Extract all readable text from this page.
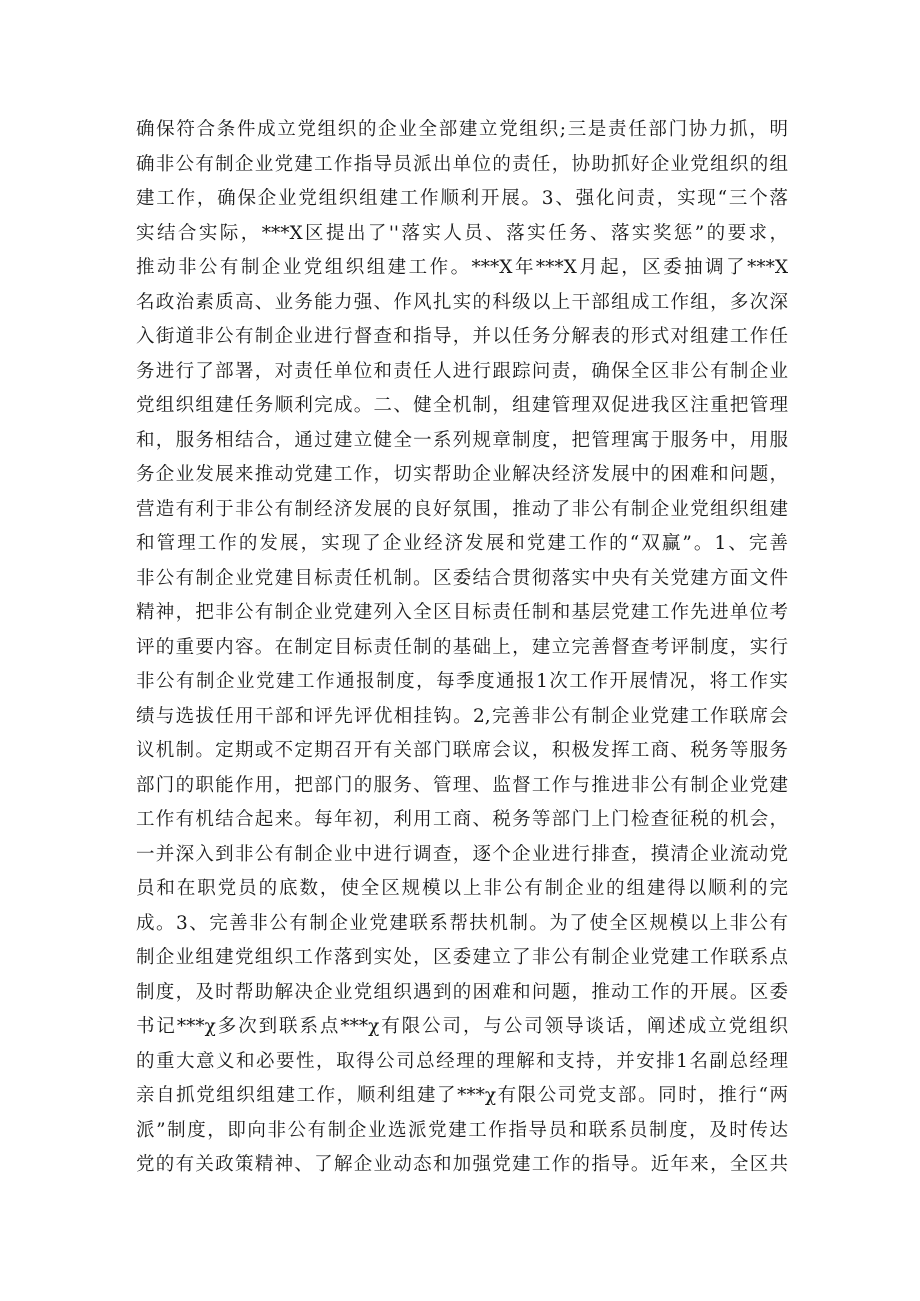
确保符合条件成立党组织的企业全部建立党组织;三是责任部门协力抓，明
确非公有制企业党建工作指导员派出单位的责任，协助抓好企业党组织的组
建工作，确保企业党组织组建工作顺利开展。3、强化问责，实现“三个落
实结合实际，***X区提出了''落实人员、落实任务、落实奖惩”的要求，
推动非公有制企业党组织组建工作。***X年***X月起，区委抽调了***X
名政治素质高、业务能力强、作风扎实的科级以上干部组成工作组，多次深
入街道非公有制企业进行督查和指导，并以任务分解表的形式对组建工作任
务进行了部署，对责任单位和责任人进行跟踪问责，确保全区非公有制企业
党组织组建任务顺利完成。二、健全机制，组建管理双促进我区注重把管理
和，服务相结合，通过建立健全一系列规章制度，把管理寓于服务中，用服
务企业发展来推动党建工作，切实帮助企业解决经济发展中的困难和问题，
营造有利于非公有制经济发展的良好氛围，推动了非公有制企业党组织组建
和管理工作的发展，实现了企业经济发展和党建工作的“双赢”。1、完善
非公有制企业党建目标责任机制。区委结合贯彻落实中央有关党建方面文件
精神，把非公有制企业党建列入全区目标责任制和基层党建工作先进单位考
评的重要内容。在制定目标责任制的基础上，建立完善督查考评制度，实行
非公有制企业党建工作通报制度，每季度通报1次工作开展情况，将工作实
绩与选拔任用干部和评先评优相挂钩。2,完善非公有制企业党建工作联席会
议机制。定期或不定期召开有关部门联席会议，积极发挥工商、税务等服务
部门的职能作用，把部门的服务、管理、监督工作与推进非公有制企业党建
工作有机结合起来。每年初，利用工商、税务等部门上门检查征税的机会，
一并深入到非公有制企业中进行调查，逐个企业进行排查，摸清企业流动党
员和在职党员的底数，使全区规模以上非公有制企业的组建得以顺利的完
成。3、完善非公有制企业党建联系帮扶机制。为了使全区规模以上非公有
制企业组建党组织工作落到实处，区委建立了非公有制企业党建工作联系点
制度，及时帮助解决企业党组织遇到的困难和问题，推动工作的开展。区委
书记***χ多次到联系点***χ有限公司，与公司领导谈话，阐述成立党组织
的重大意义和必要性，取得公司总经理的理解和支持，并安排1名副总经理
亲自抓党组织组建工作，顺利组建了***χ有限公司党支部。同时，推行“两
派”制度，即向非公有制企业选派党建工作指导员和联系员制度，及时传达
党的有关政策精神、了解企业动态和加强党建工作的指导。近年来，全区共
